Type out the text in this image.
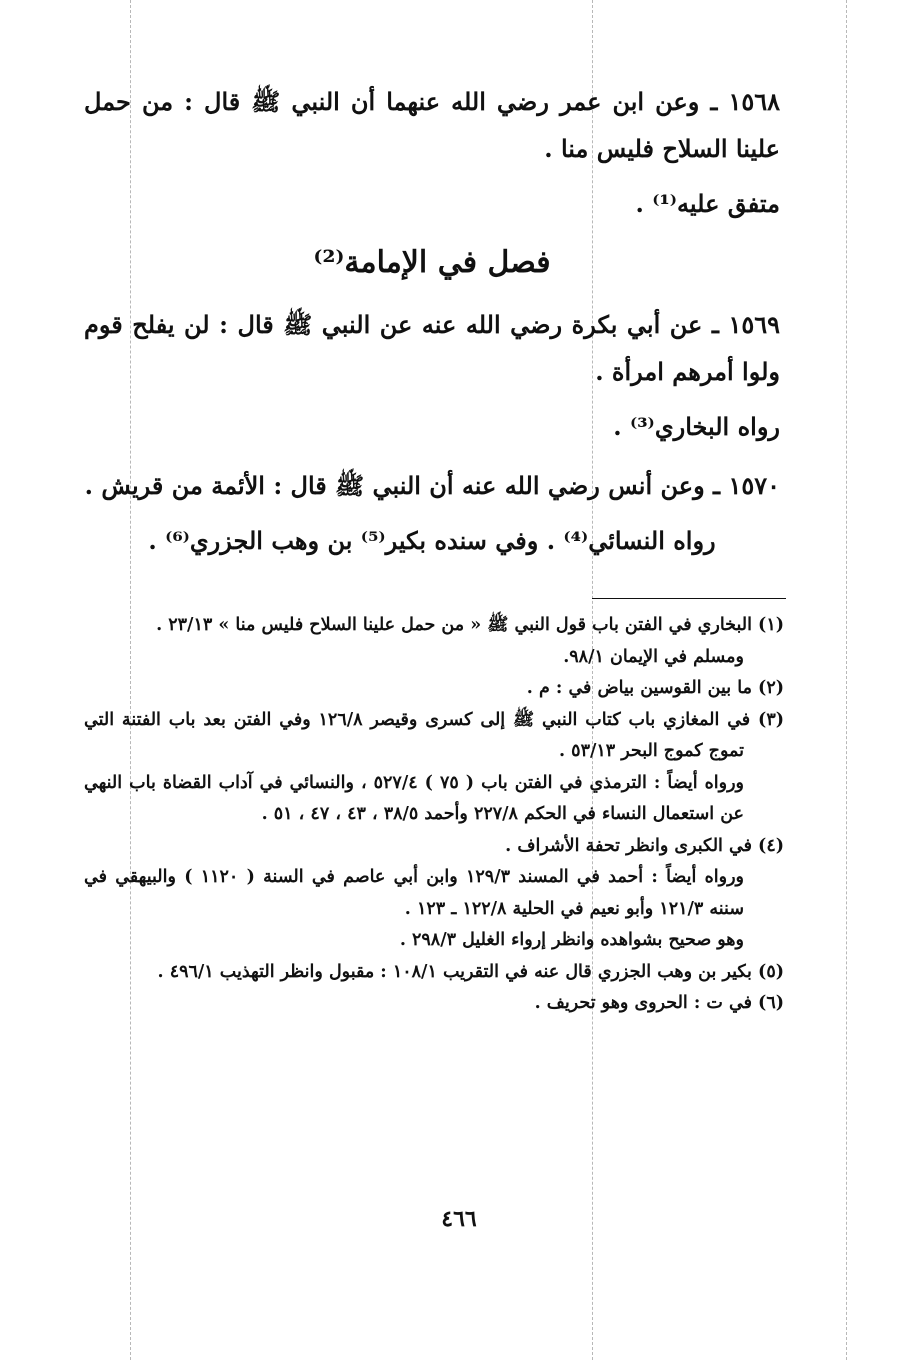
١٥٦٨ ـ وعن ابن عمر رضي الله عنهما أن النبي ﷺ قال : من حمل علينا السلاح فليس منا .

متفق عليه⁽¹⁾ .

فصل في الإمامة⁽²⁾

١٥٦٩ ـ عن أبي بكرة رضي الله عنه عن النبي ﷺ قال : لن يفلح قوم ولوا أمرهم امرأة .

رواه البخاري⁽³⁾ .

١٥٧٠ ـ وعن أنس رضي الله عنه أن النبي ﷺ قال : الأئمة من قريش .

رواه النسائي⁽⁴⁾ . وفي سنده بكير⁽⁵⁾ بن وهب الجزري⁽⁶⁾ .

(١) البخاري في الفتن باب قول النبي ﷺ « من حمل علينا السلاح فليس منا » ٢٣/١٣ .

ومسلم في الإيمان ٩٨/١.

(٢) ما بين القوسين بياض في : م .

(٣) في المغازي باب كتاب النبي ﷺ إلى كسرى وقيصر ١٢٦/٨ وفي الفتن بعد باب الفتنة التي تموج كموج البحر ٥٣/١٣ .

ورواه أيضاً : الترمذي في الفتن باب ( ٧٥ ) ٥٢٧/٤ ، والنسائي في آداب القضاة باب النهي عن استعمال النساء في الحكم ٢٢٧/٨ وأحمد ٣٨/٥ ، ٤٣ ، ٤٧ ، ٥١ .

(٤) في الكبرى وانظر تحفة الأشراف .

ورواه أيضاً : أحمد في المسند ١٢٩/٣ وابن أبي عاصم في السنة ( ١١٢٠ ) والبيهقي في سننه ١٢١/٣ وأبو نعيم في الحلية ١٢٢/٨ ـ ١٢٣ .

وهو صحيح بشواهده وانظر إرواء الغليل ٢٩٨/٣ .

(٥) بكير بن وهب الجزري قال عنه في التقريب ١٠٨/١ : مقبول وانظر التهذيب ٤٩٦/١ .

(٦) في ت : الحروى وهو تحريف .

٤٦٦
